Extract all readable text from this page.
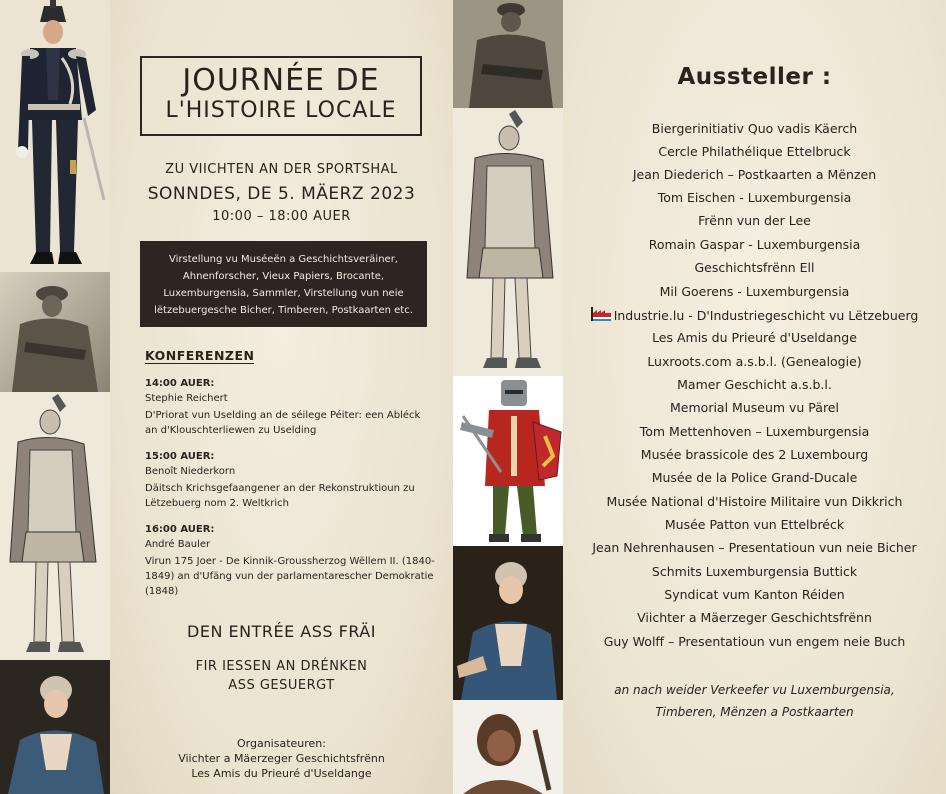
JOURNÉE DE
L'HISTOIRE LOCALE
ZU VIICHTEN AN DER SPORTSHAL
SONNDES, DE 5. MÄERZ 2023
10:00 – 18:00 AUER
Virstellung vu Muséeën a Geschichtsveräiner, Ahnenforscher, Vieux Papiers, Brocante, Luxemburgensia, Sammler, Virstellung vun neie lëtzebuergesche Bicher, Timberen, Postkaarten etc.
KONFERENZEN
14:00 AUER:
Stephie Reichert
D'Priorat vun Uselding an de séilege Péiter: een Abléck an d'Klouschterliewen zu Uselding
15:00 AUER:
Benoît Niederkorn
Däitsch Krichsgefaangener an der Rekonstruktioun zu Lëtzebuerg nom 2. Weltkrich
16:00 AUER:
André Bauler
Virun 175 Joer - De Kinnik-Groussherzog Wëllem II. (1840-1849) an d'Ufäng vun der parlamentarescher Demokratie (1848)
DEN ENTRÉE ASS FRÄI
FIR IESSEN AN DRÉNKEN
ASS GESUERGT
Organisateuren:
Viichter a Mäerzeger Geschichtsfrënn
Les Amis du Prieuré d'Useldange
Aussteller :
Biergerinitiativ Quo vadis Käerch
Cercle Philathélique Ettelbruck
Jean Diederich – Postkaarten a Mënzen
Tom Eischen - Luxemburgensia
Frënn vun der Lee
Romain Gaspar - Luxemburgensia
Geschichtsfrënn Ell
Mil Goerens - Luxemburgensia
Industrie.lu - D'Industriegeschicht vu Lëtzebuerg
Les Amis du Prieuré d'Useldange
Luxroots.com a.s.b.l. (Genealogie)
Mamer Geschicht a.s.b.l.
Memorial Museum vu Pärel
Tom Mettenhoven – Luxemburgensia
Musée brassicole des 2 Luxembourg
Musée de la Police Grand-Ducale
Musée National d'Histoire Militaire vun Dikkrich
Musée Patton vun Ettelbréck
Jean Nehrenhausen – Presentatioun vun neie Bicher
Schmits Luxemburgensia Buttick
Syndicat vum Kanton Réiden
Viichter a Mäerzeger Geschichtsfrënn
Guy Wolff – Presentatioun vun engem neie Buch
an nach weider Verkeefer vu Luxemburgensia,
Timberen, Mënzen a Postkaarten
